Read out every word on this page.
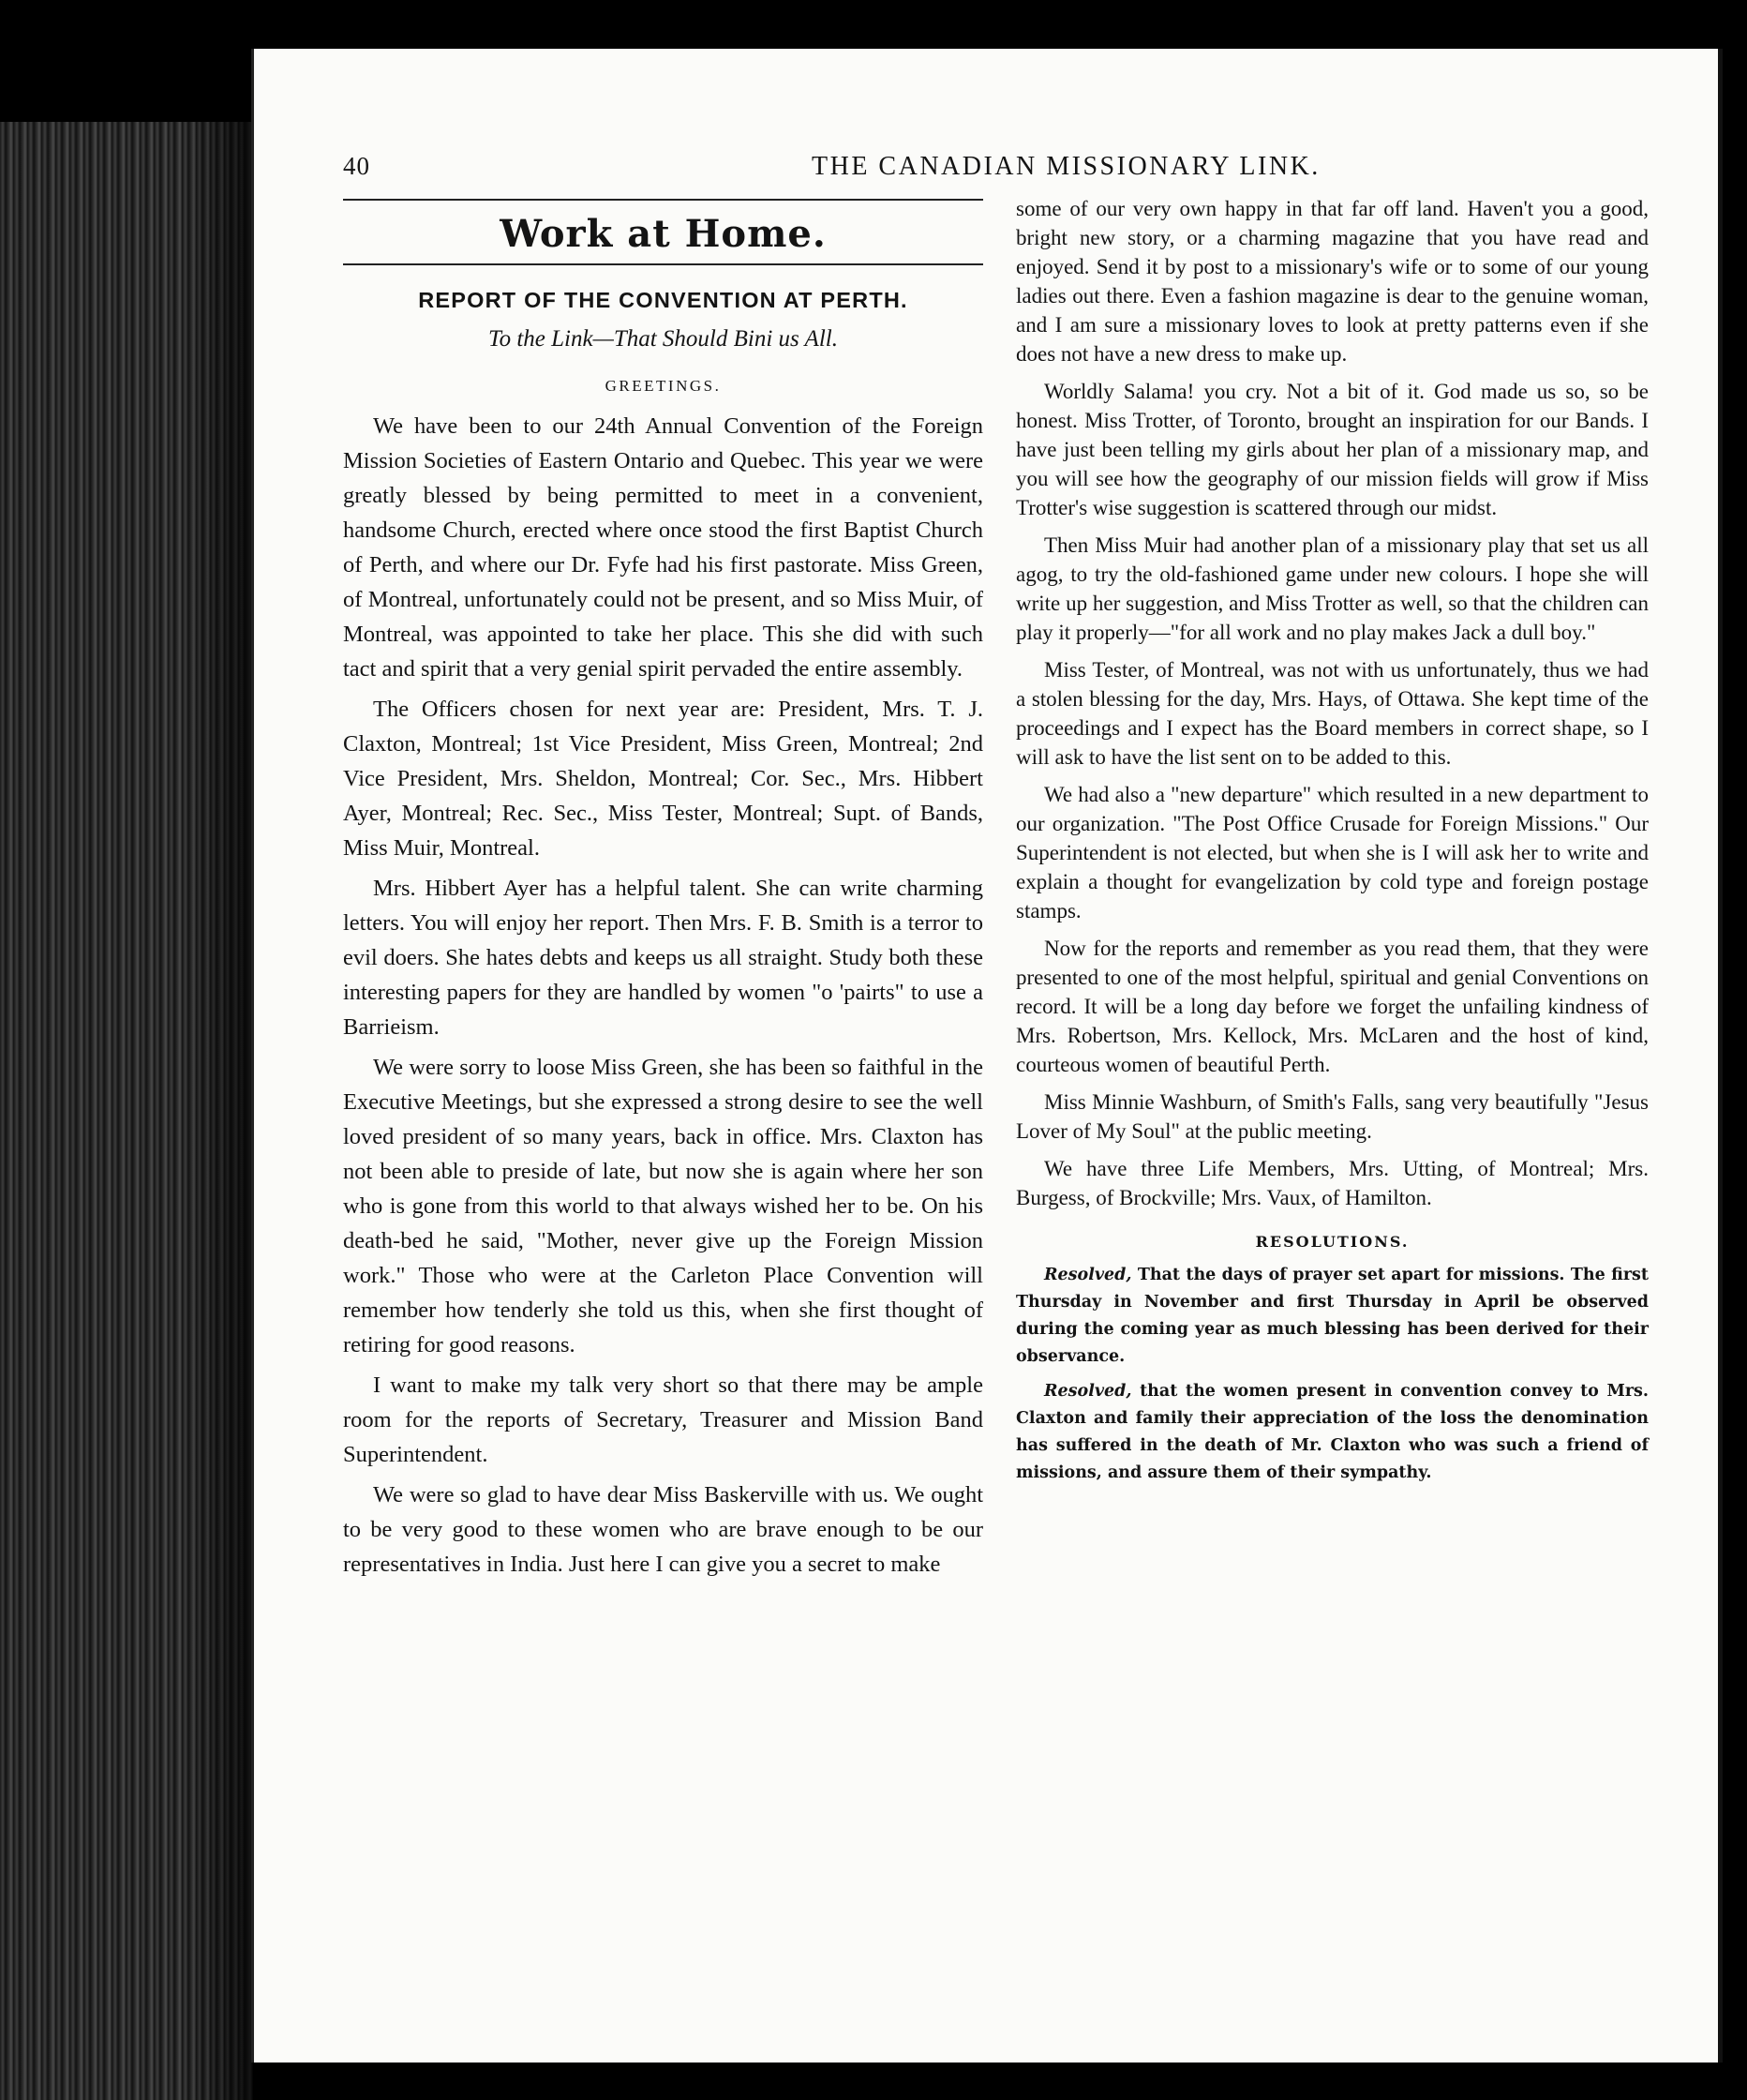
40	THE CANADIAN MISSIONARY LINK.
Work at Home.
REPORT OF THE CONVENTION AT PERTH.
To the Link—That Should Bini us All.
GREETINGS.

We have been to our 24th Annual Convention of the Foreign Mission Societies of Eastern Ontario and Quebec. This year we were greatly blessed by being permitted to meet in a convenient, handsome Church, erected where once stood the first Baptist Church of Perth, and where our Dr. Fyfe had his first pastorate. Miss Green, of Montreal, unfortunately could not be present, and so Miss Muir, of Montreal, was appointed to take her place. This she did with such tact and spirit that a very genial spirit pervaded the entire assembly.

The Officers chosen for next year are: President, Mrs. T. J. Claxton, Montreal; 1st Vice President, Miss Green, Montreal; 2nd Vice President, Mrs. Sheldon, Montreal; Cor. Sec., Mrs. Hibbert Ayer, Montreal; Rec. Sec., Miss Tester, Montreal; Supt. of Bands, Miss Muir, Montreal.

Mrs. Hibbert Ayer has a helpful talent. She can write charming letters. You will enjoy her report. Then Mrs. F. B. Smith is a terror to evil doers. She hates debts and keeps us all straight. Study both these interesting papers for they are handled by women "o 'pairts" to use a Barrieism.

We were sorry to loose Miss Green, she has been so faithful in the Executive Meetings, but she expressed a strong desire to see the well loved president of so many years, back in office. Mrs. Claxton has not been able to preside of late, but now she is again where her son who is gone from this world to that always wished her to be. On his death-bed he said, "Mother, never give up the Foreign Mission work." Those who were at the Carleton Place Convention will remember how tenderly she told us this, when she first thought of retiring for good reasons.

I want to make my talk very short so that there may be ample room for the reports of Secretary, Treasurer and Mission Band Superintendent.

We were so glad to have dear Miss Baskerville with us. We ought to be very good to these women who are brave enough to be our representatives in India. Just here I can give you a secret to make

some of our very own happy in that far off land. Haven't you a good, bright new story, or a charming magazine that you have read and enjoyed. Send it by post to a missionary's wife or to some of our young ladies out there. Even a fashion magazine is dear to the genuine woman, and I am sure a missionary loves to look at pretty patterns even if she does not have a new dress to make up.

Worldly Salama! you cry. Not a bit of it. God made us so, so be honest. Miss Trotter, of Toronto, brought an inspiration for our Bands. I have just been telling my girls about her plan of a missionary map, and you will see how the geography of our mission fields will grow if Miss Trotter's wise suggestion is scattered through our midst.

Then Miss Muir had another plan of a missionary play that set us all agog, to try the old-fashioned game under new colours. I hope she will write up her suggestion, and Miss Trotter as well, so that the children can play it properly—"for all work and no play makes Jack a dull boy."

Miss Tester, of Montreal, was not with us unfortunately, thus we had a stolen blessing for the day, Mrs. Hays, of Ottawa. She kept time of the proceedings and I expect has the Board members in correct shape, so I will ask to have the list sent on to be added to this.

We had also a "new departure" which resulted in a new department to our organization. "The Post Office Crusade for Foreign Missions." Our Superintendent is not elected, but when she is I will ask her to write and explain a thought for evangelization by cold type and foreign postage stamps.

Now for the reports and remember as you read them, that they were presented to one of the most helpful, spiritual and genial Conventions on record. It will be a long day before we forget the unfailing kindness of Mrs. Robertson, Mrs. Kellock, Mrs. McLaren and the host of kind, courteous women of beautiful Perth.

Miss Minnie Washburn, of Smith's Falls, sang very beautifully "Jesus Lover of My Soul" at the public meeting.

We have three Life Members, Mrs. Utting, of Montreal; Mrs. Burgess, of Brockville; Mrs. Vaux, of Hamilton.

RESOLUTIONS.

Resolved, That the days of prayer set apart for missions. The first Thursday in November and first Thursday in April be observed during the coming year as much blessing has been derived for their observance.

Resolved, that the women present in convention convey to Mrs. Claxton and family their appreciation of the loss the denomination has suffered in the death of Mr. Claxton who was such a friend of missions, and assure them of their sympathy.
